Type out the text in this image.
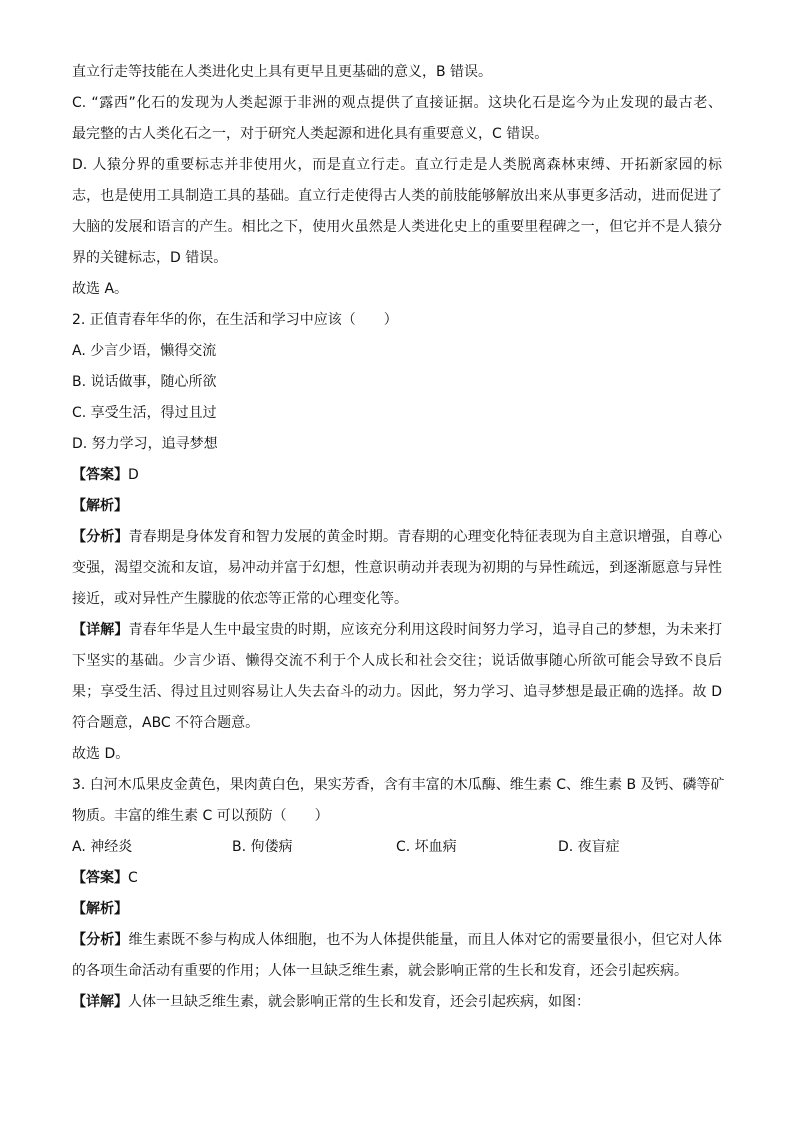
直立行走等技能在人类进化史上具有更早且更基础的意义，B 错误。
C. “露西”化石的发现为人类起源于非洲的观点提供了直接证据。这块化石是迄今为止发现的最古老、
最完整的古人类化石之一，对于研究人类起源和进化具有重要意义，C 错误。
D. 人猿分界的重要标志并非使用火，而是直立行走。直立行走是人类脱离森林束缚、开拓新家园的标
志，也是使用工具制造工具的基础。直立行走使得古人类的前肢能够解放出来从事更多活动，进而促进了
大脑的发展和语言的产生。相比之下，使用火虽然是人类进化史上的重要里程碑之一，但它并不是人猿分
界的关键标志，D 错误。
故选 A。
2. 正值青春年华的你，在生活和学习中应该（　　）
A. 少言少语，懒得交流
B. 说话做事，随心所欲
C. 享受生活，得过且过
D. 努力学习，追寻梦想
【答案】D
【解析】
【分析】青春期是身体发育和智力发展的黄金时期。青春期的心理变化特征表现为自主意识增强，自尊心
变强，渴望交流和友谊，易冲动并富于幻想，性意识萌动并表现为初期的与异性疏远，到逐渐愿意与异性
接近，或对异性产生朦胧的依恋等正常的心理变化等。
【详解】青春年华是人生中最宝贵的时期，应该充分利用这段时间努力学习，追寻自己的梦想，为未来打
下坚实的基础。少言少语、懒得交流不利于个人成长和社会交往；说话做事随心所欲可能会导致不良后
果；享受生活、得过且过则容易让人失去奋斗的动力。因此，努力学习、追寻梦想是最正确的选择。故 D
符合题意，ABC 不符合题意。
故选 D。
3. 白河木瓜果皮金黄色，果肉黄白色，果实芳香，含有丰富的木瓜酶、维生素 C、维生素 B 及钙、磷等矿
物质。丰富的维生素 C 可以预防（　　）
A. 神经炎	B. 佝偻病	C. 坏血病	D. 夜盲症
【答案】C
【解析】
【分析】维生素既不参与构成人体细胞，也不为人体提供能量，而且人体对它的需要量很小，但它对人体
的各项生命活动有重要的作用；人体一旦缺乏维生素，就会影响正常的生长和发育，还会引起疾病。
【详解】人体一旦缺乏维生素，就会影响正常的生长和发育，还会引起疾病，如图：
